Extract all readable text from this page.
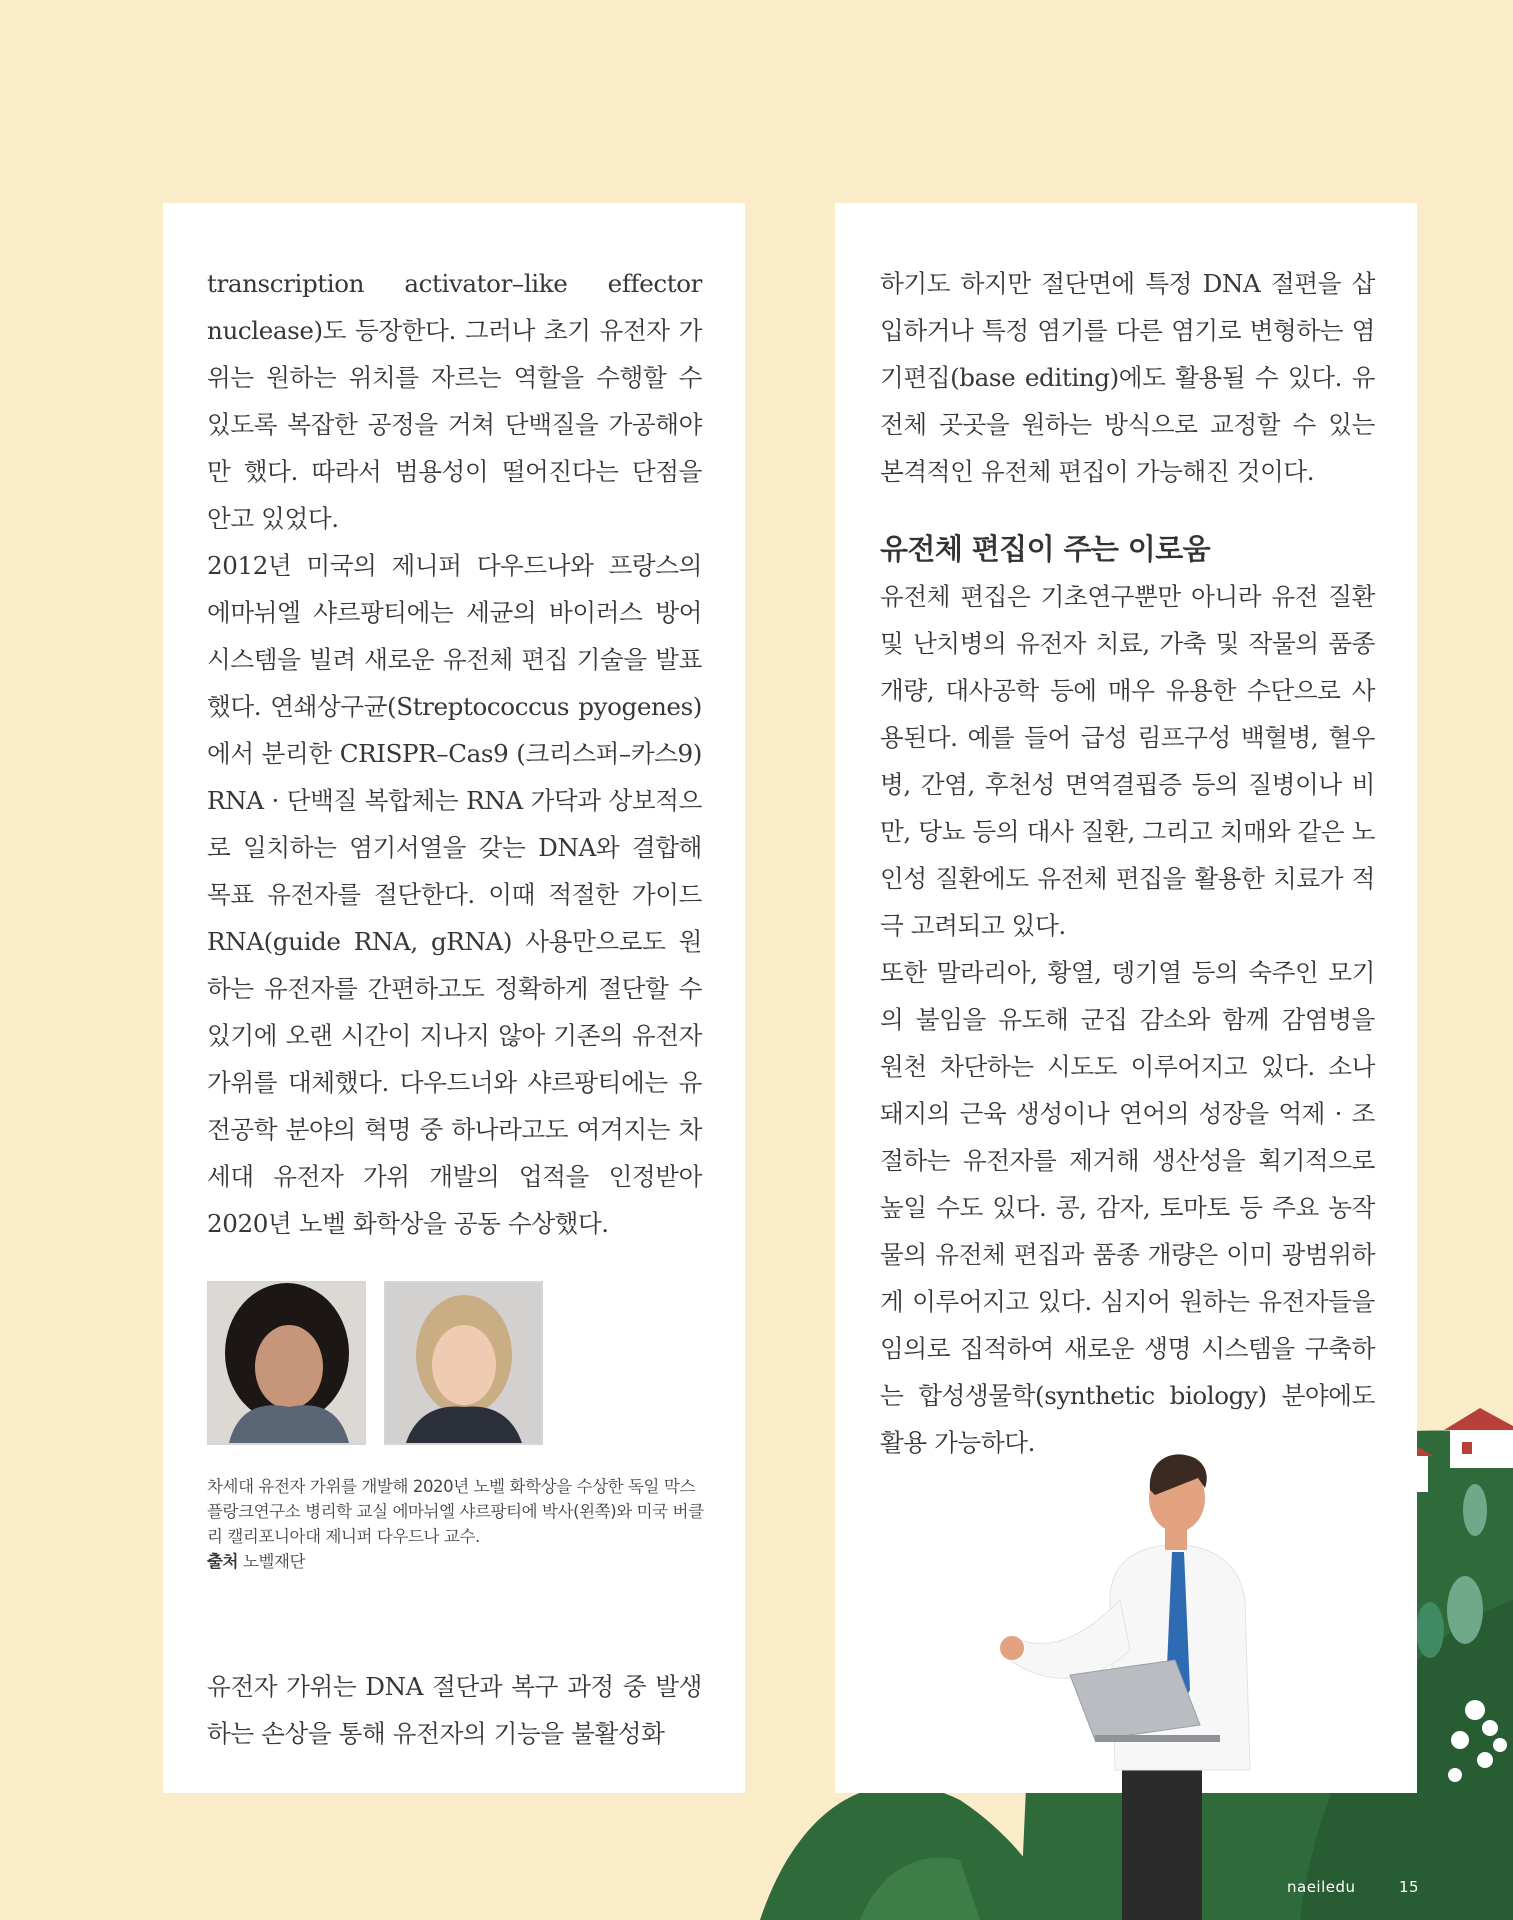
transcription activator–like effector nuclease)도 등장한다. 그러나 초기 유전자 가위는 원하는 위치를 자르는 역할을 수행할 수 있도록 복잡한 공정을 거쳐 단백질을 가공해야만 했다. 따라서 범용성이 떨어진다는 단점을 안고 있었다.

2012년 미국의 제니퍼 다우드나와 프랑스의 에마뉘엘 샤르팡티에는 세균의 바이러스 방어 시스템을 빌려 새로운 유전체 편집 기술을 발표했다. 연쇄상구균(Streptococcus pyogenes)에서 분리한 CRISPR–Cas9 (크리스퍼–카스9) RNA · 단백질 복합체는 RNA 가닥과 상보적으로 일치하는 염기서열을 갖는 DNA와 결합해 목표 유전자를 절단한다. 이때 적절한 가이드 RNA(guide RNA, gRNA) 사용만으로도 원하는 유전자를 간편하고도 정확하게 절단할 수 있기에 오랜 시간이 지나지 않아 기존의 유전자 가위를 대체했다. 다우드너와 샤르팡티에는 유전공학 분야의 혁명 중 하나라고도 여겨지는 차세대 유전자 가위 개발의 업적을 인정받아 2020년 노벨 화학상을 공동 수상했다.

차세대 유전자 가위를 개발해 2020년 노벨 화학상을 수상한 독일 막스플랑크연구소 병리학 교실 에마뉘엘 샤르팡티에 박사(왼쪽)와 미국 버클리 캘리포니아대 제니퍼 다우드나 교수.

출처 노벨재단

유전자 가위는 DNA 절단과 복구 과정 중 발생하는 손상을 통해 유전자의 기능을 불활성화

하기도 하지만 절단면에 특정 DNA 절편을 삽입하거나 특정 염기를 다른 염기로 변형하는 염기편집(base editing)에도 활용될 수 있다. 유전체 곳곳을 원하는 방식으로 교정할 수 있는 본격적인 유전체 편집이 가능해진 것이다.

유전체 편집이 주는 이로움

유전체 편집은 기초연구뿐만 아니라 유전 질환 및 난치병의 유전자 치료, 가축 및 작물의 품종 개량, 대사공학 등에 매우 유용한 수단으로 사용된다. 예를 들어 급성 림프구성 백혈병, 혈우병, 간염, 후천성 면역결핍증 등의 질병이나 비만, 당뇨 등의 대사 질환, 그리고 치매와 같은 노인성 질환에도 유전체 편집을 활용한 치료가 적극 고려되고 있다.

또한 말라리아, 황열, 뎅기열 등의 숙주인 모기의 불임을 유도해 군집 감소와 함께 감염병을 원천 차단하는 시도도 이루어지고 있다. 소나 돼지의 근육 생성이나 연어의 성장을 억제 · 조절하는 유전자를 제거해 생산성을 획기적으로 높일 수도 있다. 콩, 감자, 토마토 등 주요 농작물의 유전체 편집과 품종 개량은 이미 광범위하게 이루어지고 있다. 심지어 원하는 유전자들을 임의로 집적하여 새로운 생명 시스템을 구축하는 합성생물학(synthetic biology) 분야에도 활용 가능하다.

naeiledu	15
